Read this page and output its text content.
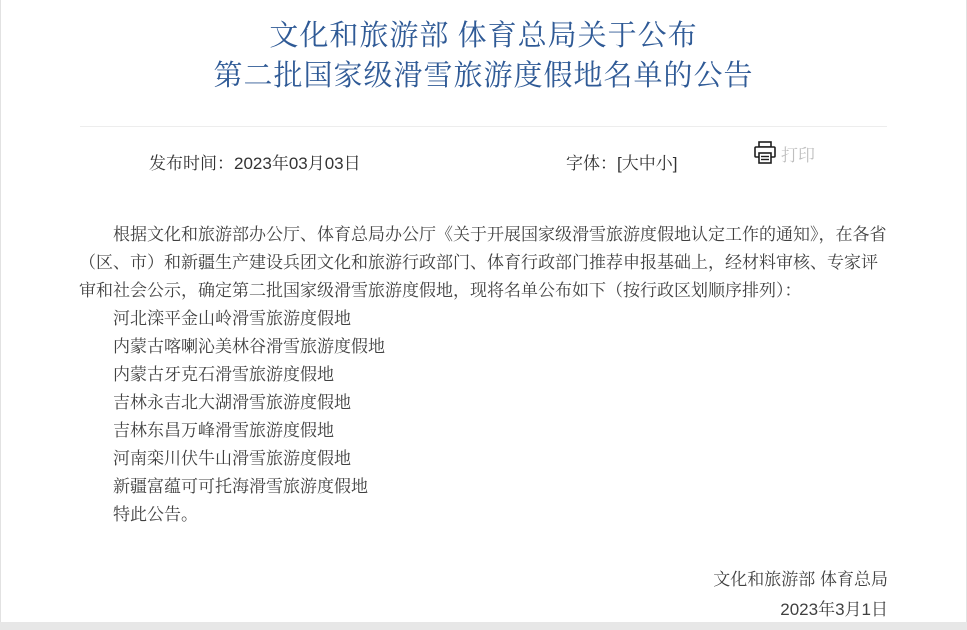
文化和旅游部 体育总局关于公布
第二批国家级滑雪旅游度假地名单的公告
发布时间：2023年03月03日	字体：[大中小]	打印
根据文化和旅游部办公厅、体育总局办公厅《关于开展国家级滑雪旅游度假地认定工作的通知》，在各省（区、市）和新疆生产建设兵团文化和旅游行政部门、体育行政部门推荐申报基础上，经材料审核、专家评审和社会公示，确定第二批国家级滑雪旅游度假地，现将名单公布如下（按行政区划顺序排列）：
河北滦平金山岭滑雪旅游度假地
内蒙古喀喇沁美林谷滑雪旅游度假地
内蒙古牙克石滑雪旅游度假地
吉林永吉北大湖滑雪旅游度假地
吉林东昌万峰滑雪旅游度假地
河南栾川伏牛山滑雪旅游度假地
新疆富蕴可可托海滑雪旅游度假地
特此公告。
文化和旅游部 体育总局
2023年3月1日
